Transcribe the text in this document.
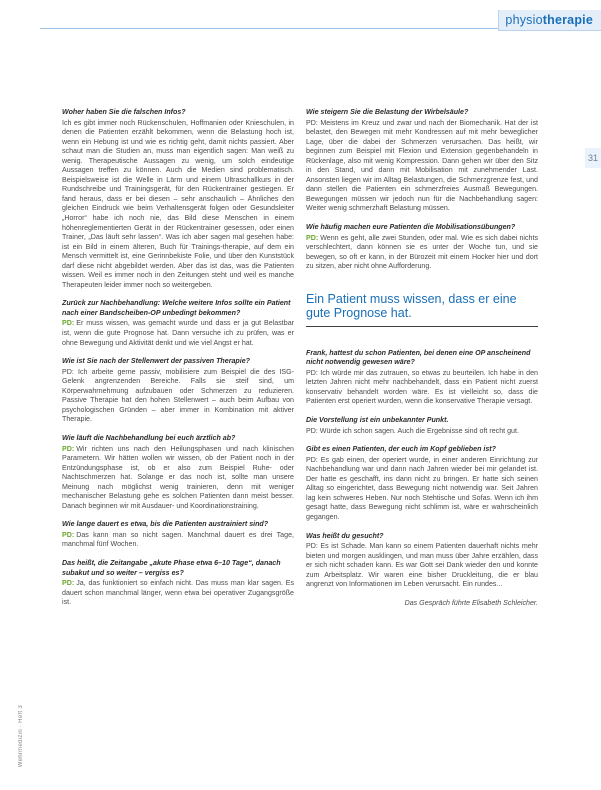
physiotherapie
31
Wehrmedizin · Heft 3
Woher haben Sie die falschen Infos?
Ich es gibt immer noch Rückenschulen, Hoffmanien oder Knieschulen, in denen die Patienten erzählt bekommen, wenn die Belastung hoch ist, wenn ein Hebung ist und wie es richtig geht, damit nichts passiert. Aber schaut man die Studien an, muss man eigentlich sagen: Man weiß zu wenig. Therapeutische Aussagen zu wenig, um solch eindeutige Aussagen treffen zu können. Auch die Medien sind problematisch. Beispielsweise ist die Welle in Lärm und einem Ultraschallkurs in der Rundschreibe und Trainingsgerät, für den Rückentrainer gestiegen. Er fand heraus, dass er bei diesen – sehr anschaulich – Ähnliches den gleichen Eindruck wie beim Verhaltensgerät folgen oder Gesundsleiter „Horror“ habe ich noch nie, das Bild diese Menschen in einem höhenreglementierten Gerät in der Rückentrainer gesessen, oder einen Trainer, „Das läuft sehr lassen“. Was ich aber sagen mal gesehen habe: ist ein Bild in einem älteren, Buch für Trainings-therapie, auf dem ein Mensch vermittelt ist, eine Gerinnbekiste Folie, und über den Kunststück darf diese nicht abgebildet werden. Aber das ist das, was die Patienten wissen. Weil es immer noch in den Zeitungen steht und weil es manche Therapeuten leider immer noch so weitergeben.
Zurück zur Nachbehandlung: Welche weitere Infos sollte ein Patient nach einer Bandscheiben-OP unbedingt bekommen?
PD: Er muss wissen, was gemacht wurde und dass er ja gut Belastbar ist, wenn die gute Prognose hat. Dann versuche ich zu prüfen, was er ohne Bewegung und Aktivität denkt und wie viel Angst er hat.
Wie ist Sie nach der Stellenwert der passiven Therapie?
PD: Ich arbeite gerne passiv, mobilisiere zum Beispiel die des ISG-Gelenk angrenzenden Bereiche. Falls sie steif sind, um Körperwahrnehmung aufzubauen oder Schmerzen zu reduzieren. Passive Therapie hat den hohen Stellenwert – auch beim Aufbau von psychologischen Gründen – aber immer in Kombination mit aktiver Therapie.
Wie läuft die Nachbehandlung bei euch ärztlich ab?
PD: Wir richten uns nach den Heilungsphasen und nach klinischen Parametern. Wir hätten wollen wir wissen, ob der Patient noch in der Entzündungsphase ist, ob er also zum Beispiel Ruhe- oder Nachtschmerzen hat. Solange er das noch ist, sollte man unsere Meinung nach möglichst wenig trainieren, denn mit weniger mechanischer Belastung gehe es solchen Patienten dann meist besser. Danach beginnen wir mit Ausdauer- und Koordinationstraining.
Wie lange dauert es etwa, bis die Patienten austrainiert sind?
PD: Das kann man so nicht sagen. Manchmal dauert es drei Tage, manchmal fünf Wochen.
Das heißt, die Zeitangabe „akute Phase etwa 6–10 Tage“, danach subakut und so weiter – vergiss es?
PD: Ja, das funktioniert so einfach nicht. Das muss man klar sagen. Es dauert schon manchmal länger, wenn etwa bei operativer Zugangsgröße ist.
Wie steigern Sie die Belastung der Wirbelsäule?
PD: Meistens im Kreuz und zwar und nach der Biomechanik. Hat der ist belastet, den Bewegen mit mehr Kondressen auf mit mehr beweglicher Lage, über die dabei der Schmerzen verursachen. Das heißt, wir beginnen zum Beispiel mit Flexion und Extension gegenbehandeln in Rückenlage, also mit wenig Kompression. Dann gehen wir über den Sitz in den Stand, und dann mit Mobilisation mit zunehmender Last. Ansonsten liegen wir im Alltag Belastungen, die Schmerzgrenze fest, und dann stellen die Patienten ein schmerzfreies Ausmaß Bewegungen. Bewegungen müssen wir jedoch nun für die Nachbehandlung sagen: Weiter wenig schmerzhaft Belastung müssen.
Wie häufig machen eure Patienten die Mobilisationsübungen?
PD: Wenn es geht, alle zwei Stunden, oder mal. Wie es sich dabei nichts verschlechtert, dann können sie es unter der Woche tun, und sie bewegen, so oft er kann, in der Bürozeit mit einem Hocker hier und dort zu sitzen, aber nicht ohne Aufforderung.
Ein Patient muss wissen, dass er eine gute Prognose hat.
Frank, hattest du schon Patienten, bei denen eine OP anscheinend nicht notwendig gewesen wäre?
PD: Ich würde mir das zutrauen, so etwas zu beurteilen. Ich habe in den letzten Jahren nicht mehr nachbehandelt, dass ein Patient nicht zuerst konservativ behandelt worden wäre. Es ist vielleicht so, dass die Patienten erst operiert wurden, wenn die konservative Therapie versagt.
Die Vorstellung ist ein unbekannter Punkt.
PD: Würde ich schon sagen. Auch die Ergebnisse sind oft recht gut.
Gibt es einen Patienten, der euch im Kopf geblieben ist?
PD: Es gab einen, der operiert wurde, in einer anderen Einrichtung zur Nachbehandlung war und dann nach Jahren wieder bei mir gelandet ist. Der hatte es geschafft, ins dann nicht zu bringen. Er hatte sich seinen Alltag so eingerichtet, dass Bewegung nicht notwendig war. Seit Jahren lag kein schweres Heben. Nur noch Stehtische und Sofas. Wenn ich ihm gesagt hatte, dass Bewegung nicht schlimm ist, wäre er wahrscheinlich gegangen.
Was heißt du gesucht?
PD: Es ist Schade. Man kann so einem Patienten dauerhaft nichts mehr bieten und morgen ausklingen, und man muss über Jahre erzählen, dass er sich nicht schaden kann. Es war Gott sei Dank wieder den und konnte zum Arbeitsplatz. Wir waren eine bisher Druckleitung, die er blau angrenzt von Informationen im Leben verursacht. Ein rundes...
Das Gespräch führte Elisabeth Schleicher.
